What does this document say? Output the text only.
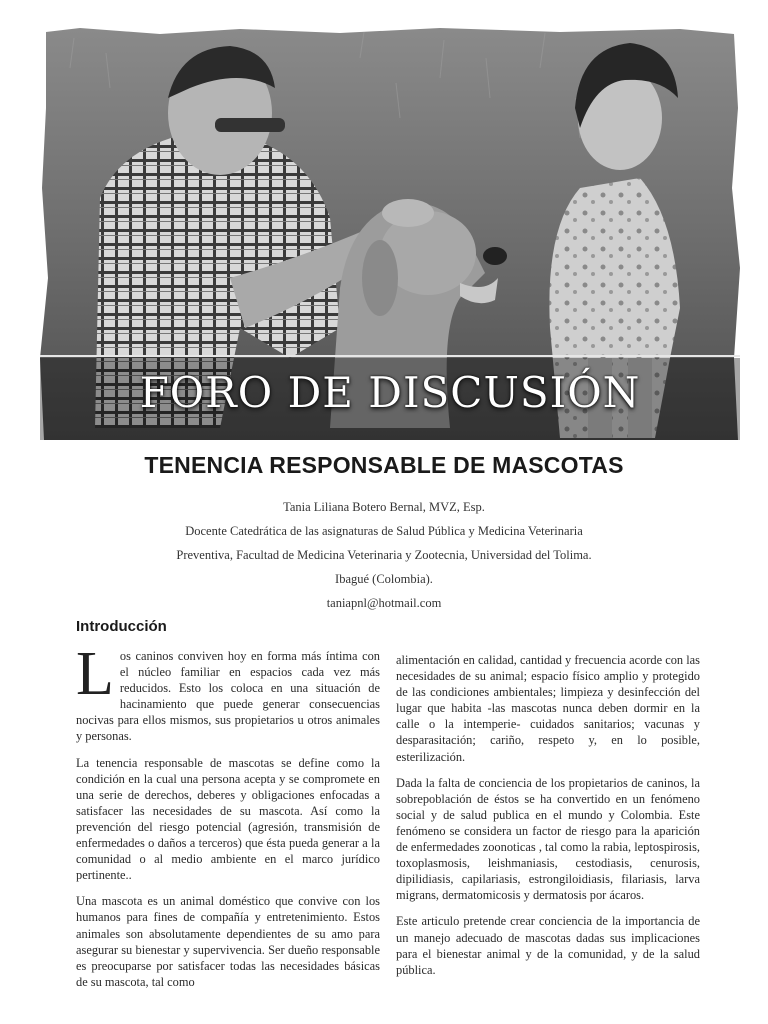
FORO DE DISCUSIÓN
TENENCIA RESPONSABLE DE MASCOTAS
Tania Liliana Botero Bernal, MVZ, Esp.
Docente Catedrática de las asignaturas de Salud Pública y Medicina Veterinaria
Preventiva, Facultad de Medicina Veterinaria y Zootecnia, Universidad del Tolima.
Ibagué (Colombia).
taniapnl@hotmail.com
Introducción

Los caninos conviven hoy en forma más íntima con el núcleo familiar en espacios cada vez más reducidos. Esto los coloca en una situación de hacinamiento que puede generar consecuencias nocivas para ellos mismos, sus propietarios u otros animales y personas.

La tenencia responsable de mascotas se define como la condición en la cual una persona acepta y se compromete en una serie de derechos, deberes y obligaciones enfocadas a satisfacer las necesidades de su mascota. Así como la prevención del riesgo potencial (agresión, transmisión de enfermedades o daños a terceros) que ésta pueda generar a la comunidad o al medio ambiente en el marco jurídico pertinente..

Una mascota es un animal doméstico que convive con los humanos para fines de compañía y entretenimiento. Estos animales son absolutamente dependientes de su amo para asegurar su bienestar y supervivencia. Ser dueño responsable es preocuparse por satisfacer todas las necesidades básicas de su mascota, tal como

alimentación en calidad, cantidad y frecuencia acorde con las necesidades de su animal; espacio físico amplio y protegido de las condiciones ambientales; limpieza y desinfección del lugar que habita -las mascotas nunca deben dormir en la calle o la intemperie- cuidados sanitarios; vacunas y desparasitación; cariño, respeto y, en lo posible, esterilización.

Dada la falta de conciencia de los propietarios de caninos, la sobrepoblación de éstos se ha convertido en un fenómeno social y de salud publica en el mundo y Colombia. Este fenómeno se considera un factor de riesgo para la aparición de enfermedades zoonoticas , tal como la rabia, leptospirosis, toxoplasmosis, leishmaniasis, cestodiasis, cenurosis, dipilidiasis, capilariasis, estrongiloidiasis, filariasis, larva migrans, dermatomicosis y dermatosis por ácaros.

Este articulo pretende crear conciencia de la importancia de un manejo adecuado de mascotas dadas sus implicaciones para el bienestar animal y de la comunidad, y de la salud pública.
